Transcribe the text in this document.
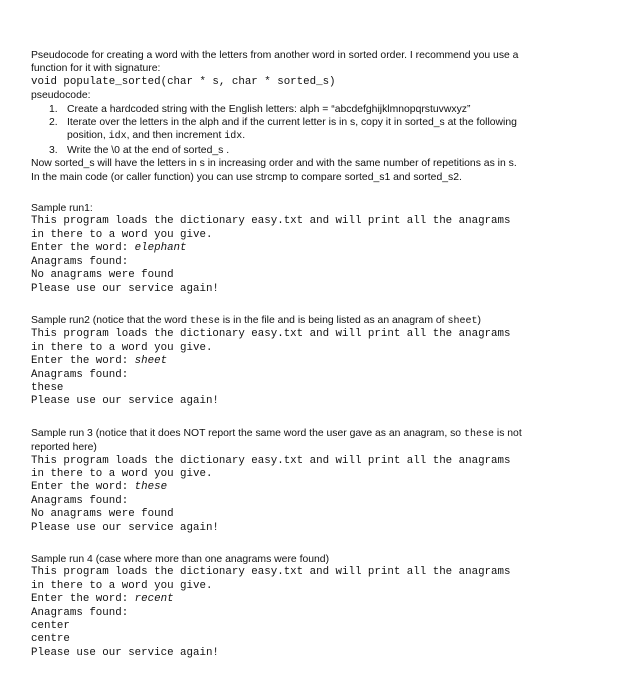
Pseudocode for creating a word with the letters from another word in sorted order. I recommend you use a
function for it with signature:
void populate_sorted(char * s, char * sorted_s)
pseudocode:
1. Create a hardcoded string with the English letters: alph = “abcdefghijklmnopqrstuvwxyz”
2. Iterate over the letters in the alph and if the current letter is in s, copy it in sorted_s at the following
position, idx, and then increment idx.
3. Write the \0 at the end of sorted_s .
Now sorted_s will have the letters in s in increasing order and with the same number of repetitions as in s.
In the main code (or caller function) you can use strcmp to compare sorted_s1 and sorted_s2.
Sample run1:
This program loads the dictionary easy.txt and will print all the anagrams
in there to a word you give.
Enter the word: elephant
Anagrams found:
No anagrams were found
Please use our service again!
Sample run2 (notice that the word these is in the file and is being listed as an anagram of sheet)
This program loads the dictionary easy.txt and will print all the anagrams
in there to a word you give.
Enter the word: sheet
Anagrams found:
these
Please use our service again!
Sample run 3 (notice that it does NOT report the same word the user gave as an anagram, so these is not
reported here)
This program loads the dictionary easy.txt and will print all the anagrams
in there to a word you give.
Enter the word: these
Anagrams found:
No anagrams were found
Please use our service again!
Sample run 4 (case where more than one anagrams were found)
This program loads the dictionary easy.txt and will print all the anagrams
in there to a word you give.
Enter the word: recent
Anagrams found:
center
centre
Please use our service again!
